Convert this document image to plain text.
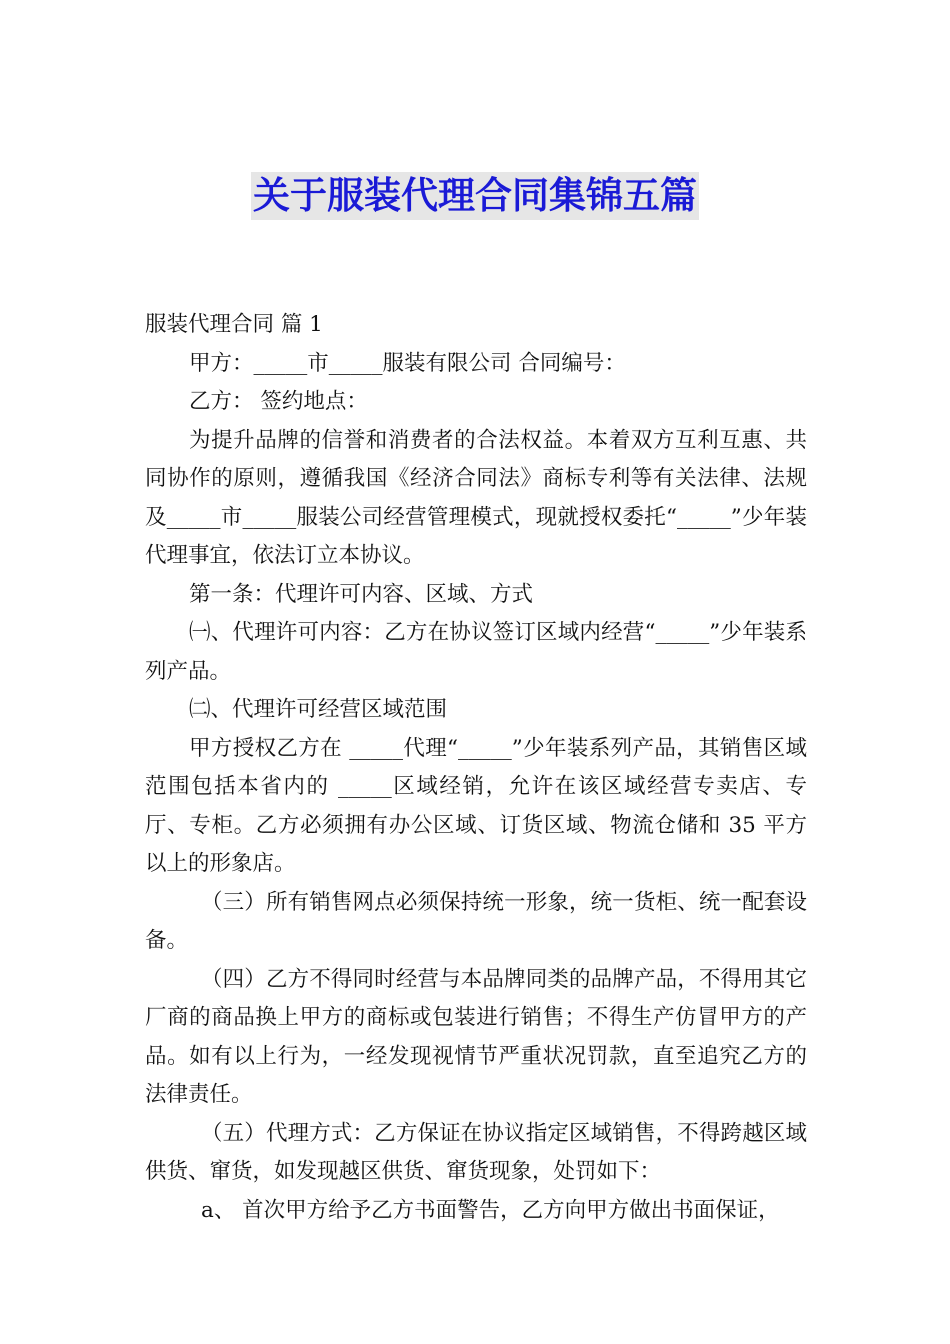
关于服装代理合同集锦五篇

服装代理合同 篇 1

甲方：_____市_____服装有限公司 合同编号：

乙方： 签约地点：

为提升品牌的信誉和消费者的合法权益。本着双方互利互惠、共同协作的原则，遵循我国《经济合同法》商标专利等有关法律、法规及_____市_____服装公司经营管理模式，现就授权委托“_____”少年装代理事宜，依法订立本协议。

第一条：代理许可内容、区域、方式

㈠、代理许可内容：乙方在协议签订区域内经营“_____”少年装系列产品。

㈡、代理许可经营区域范围

甲方授权乙方在 _____代理“_____”少年装系列产品，其销售区域范围包括本省内的 _____区域经销，允许在该区域经营专卖店、专厅、专柜。乙方必须拥有办公区域、订货区域、物流仓储和 35 平方以上的形象店。

（三）所有销售网点必须保持统一形象，统一货柜、统一配套设备。

（四）乙方不得同时经营与本品牌同类的品牌产品，不得用其它厂商的商品换上甲方的商标或包装进行销售；不得生产仿冒甲方的产品。如有以上行为，一经发现视情节严重状况罚款，直至追究乙方的法律责任。

（五）代理方式：乙方保证在协议指定区域销售，不得跨越区域供货、窜货，如发现越区供货、窜货现象，处罚如下：

a、 首次甲方给予乙方书面警告，乙方向甲方做出书面保证，
